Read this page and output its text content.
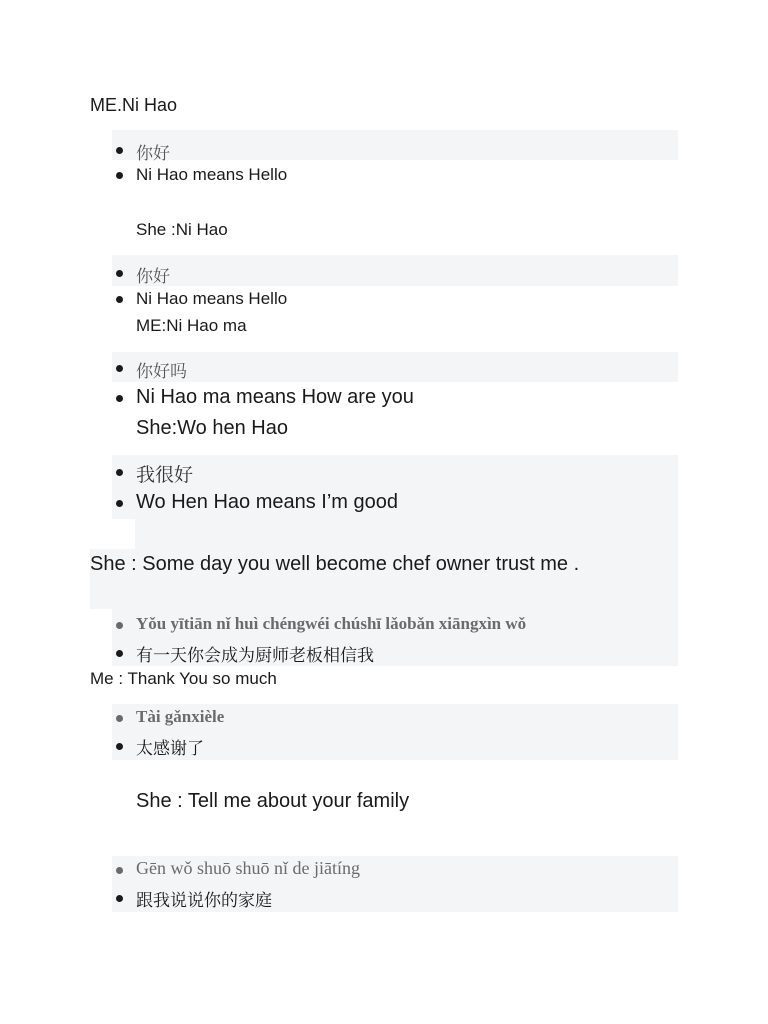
ME.Ni Hao
你好
Ni Hao means Hello
She :Ni Hao
你好
Ni Hao means Hello
ME:Ni Hao ma
你好吗
Ni Hao ma means How are you
She:Wo hen Hao
我很好
Wo Hen Hao means I’m good
She : Some day you well become chef owner trust me .
Yǒu yītiān nǐ huì chéngwéi chúshī lǎobǎn xiāngxìn wǒ
有一天你会成为厨师老板相信我
Me : Thank You so much
Tài gǎnxièle
太感谢了
She : Tell me about your family
Gēn wǒ shuō shuō nǐ de jiātíng
跟我说说你的家庭
